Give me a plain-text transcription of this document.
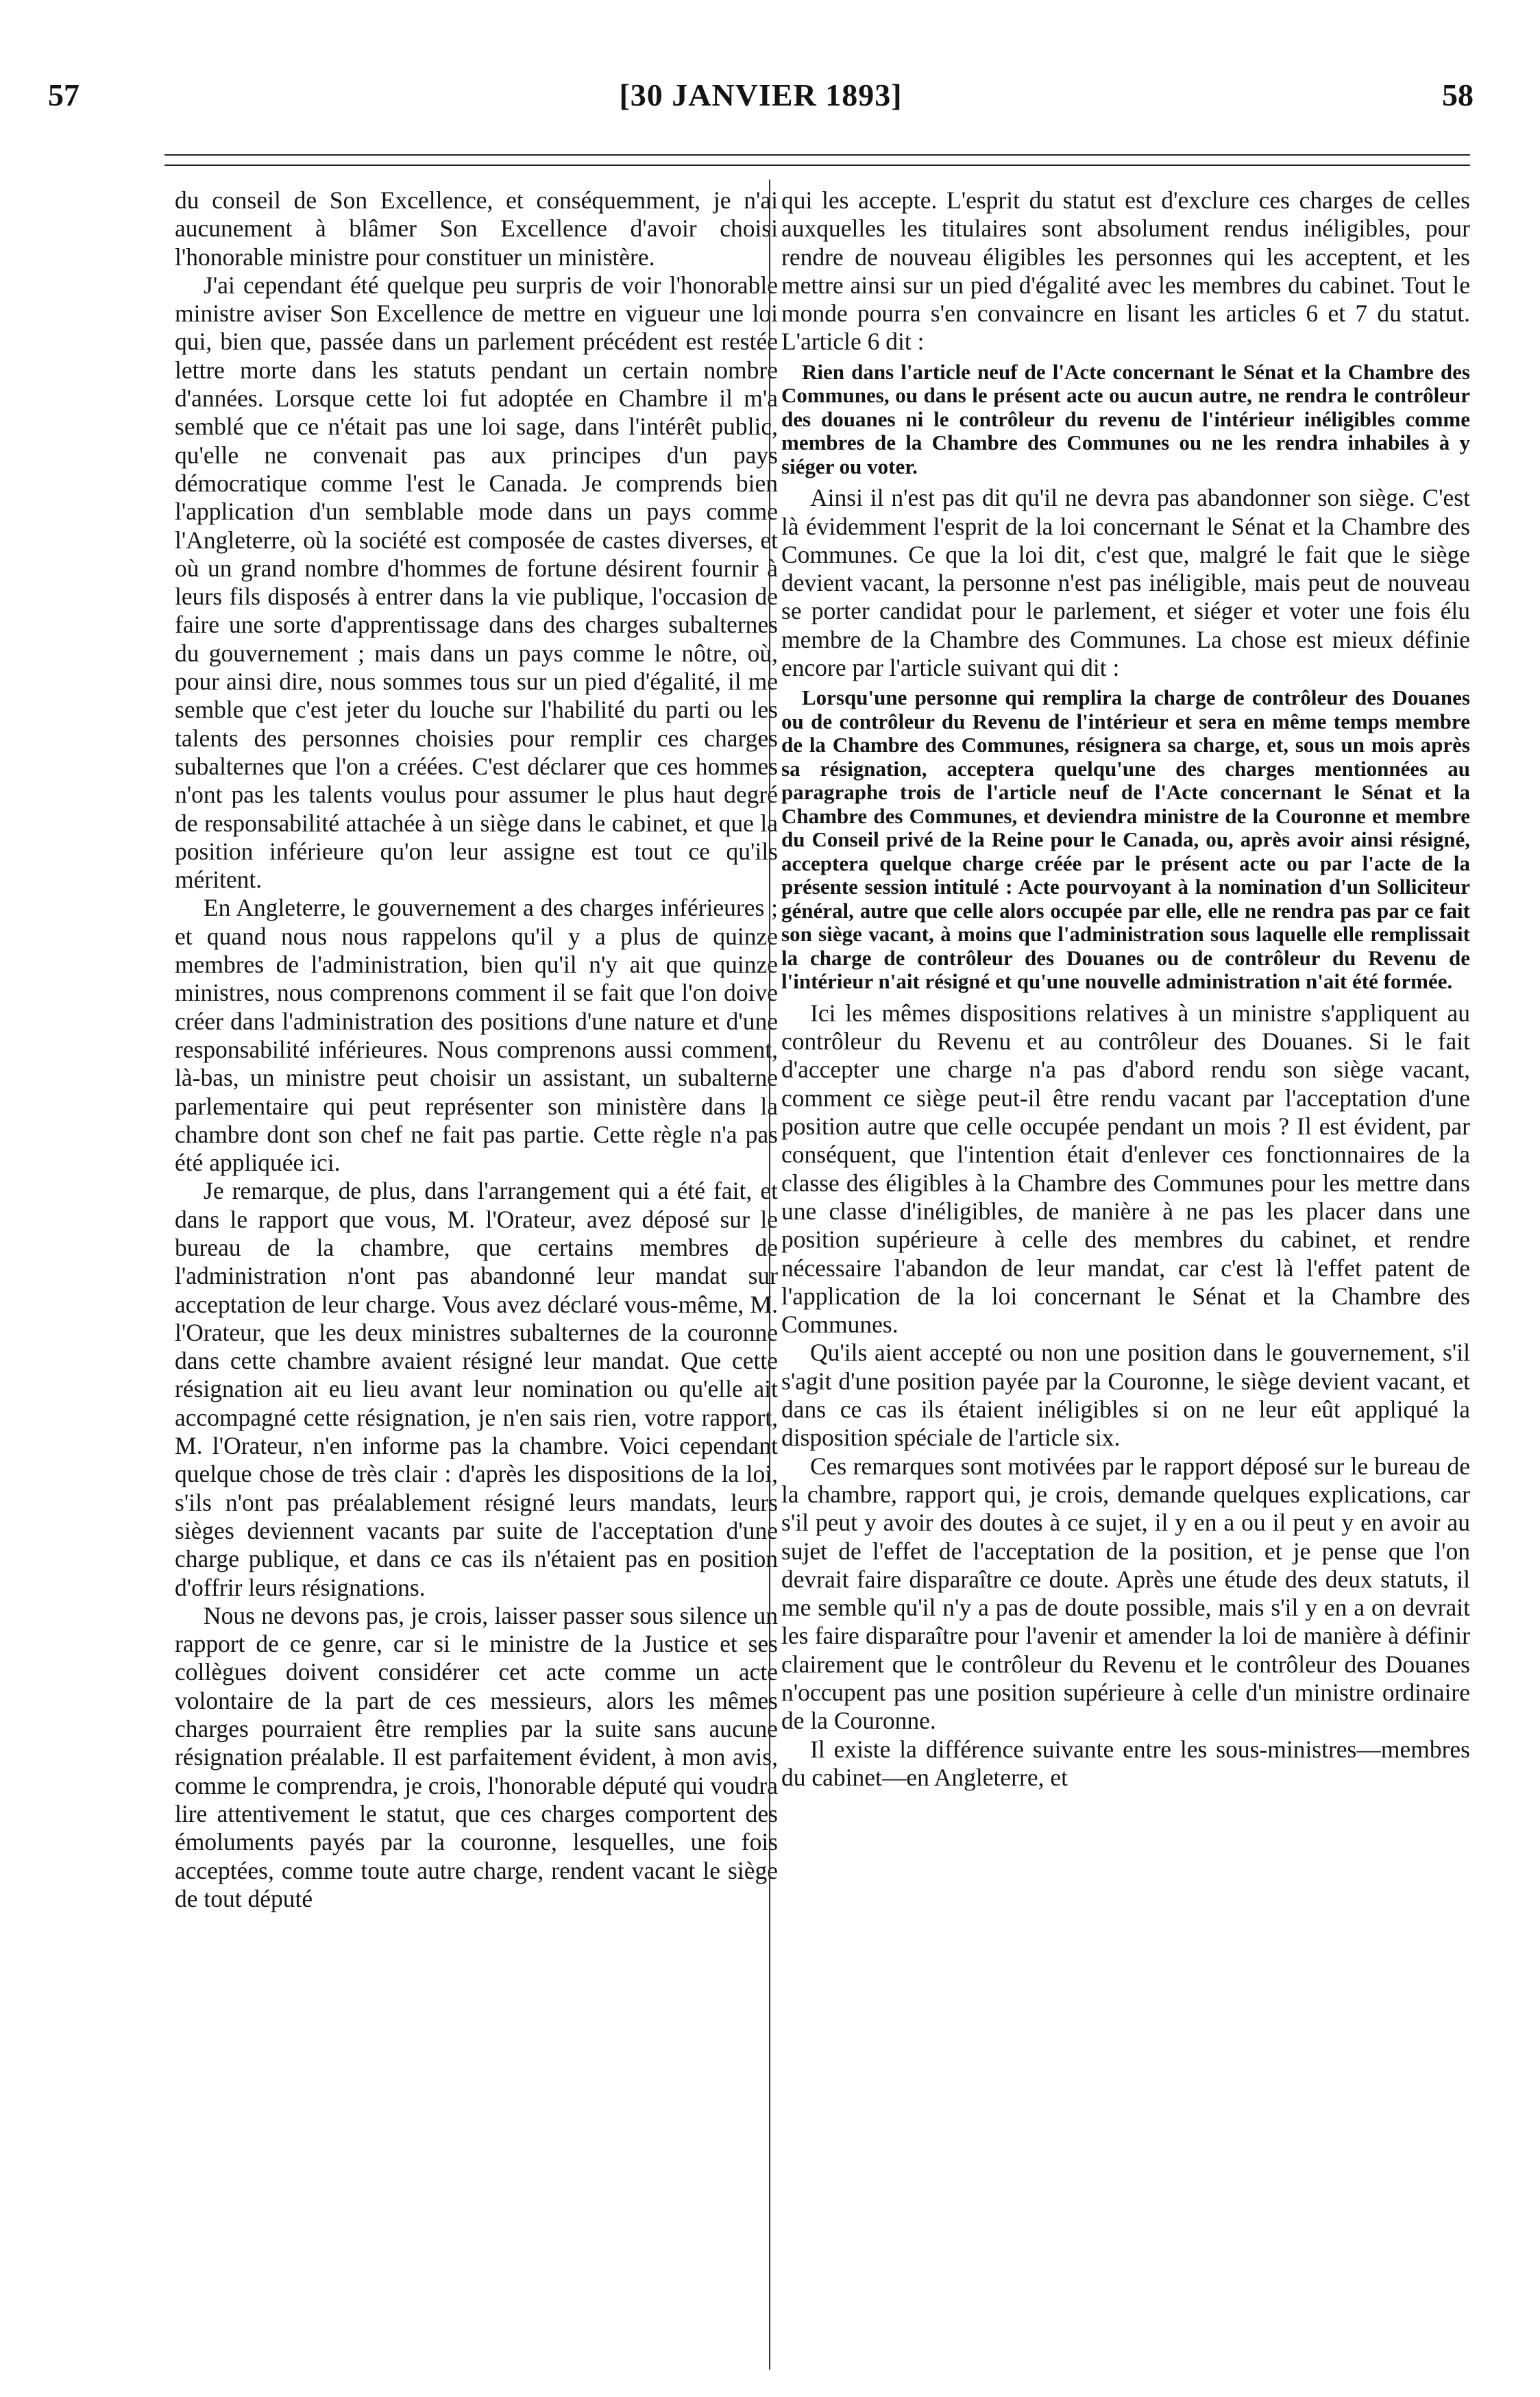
[30 JANVIER 1893]
57	58

du conseil de Son Excellence, et conséquemment, je n'ai aucunement à blâmer Son Excellence d'avoir choisi l'honorable ministre pour constituer un ministère.

J'ai cependant été quelque peu surpris de voir l'honorable ministre aviser Son Excellence de mettre en vigueur une loi qui, bien que, passée dans un parlement précédent est restée lettre morte dans les statuts pendant un certain nombre d'années. Lorsque cette loi fut adoptée en Chambre il m'a semblé que ce n'était pas une loi sage, dans l'intérêt public, qu'elle ne convenait pas aux principes d'un pays démocratique comme l'est le Canada. Je comprends bien l'application d'un semblable mode dans un pays comme l'Angleterre, où la société est composée de castes diverses, et où un grand nombre d'hommes de fortune désirent fournir à leurs fils disposés à entrer dans la vie publique, l'occasion de faire une sorte d'apprentissage dans des charges subalternes du gouvernement ; mais dans un pays comme le nôtre, où, pour ainsi dire, nous sommes tous sur un pied d'égalité, il me semble que c'est jeter du louche sur l'habilité du parti ou les talents des personnes choisies pour remplir ces charges subalternes que l'on a créées. C'est déclarer que ces hommes n'ont pas les talents voulus pour assumer le plus haut degré de responsabilité attachée à un siège dans le cabinet, et que la position inférieure qu'on leur assigne est tout ce qu'ils méritent.

En Angleterre, le gouvernement a des charges inférieures ; et quand nous nous rappelons qu'il y a plus de quinze membres de l'administration, bien qu'il n'y ait que quinze ministres, nous comprenons comment il se fait que l'on doive créer dans l'administration des positions d'une nature et d'une responsabilité inférieures. Nous comprenons aussi comment, là-bas, un ministre peut choisir un assistant, un subalterne parlementaire qui peut représenter son ministère dans la chambre dont son chef ne fait pas partie. Cette règle n'a pas été appliquée ici.

Je remarque, de plus, dans l'arrangement qui a été fait, et dans le rapport que vous, M. l'Orateur, avez déposé sur le bureau de la chambre, que certains membres de l'administration n'ont pas abandonné leur mandat sur acceptation de leur charge. Vous avez déclaré vous-même, M. l'Orateur, que les deux ministres subalternes de la couronne dans cette chambre avaient résigné leur mandat. Que cette résignation ait eu lieu avant leur nomination ou qu'elle ait accompagné cette résignation, je n'en sais rien, votre rapport, M. l'Orateur, n'en informe pas la chambre. Voici cependant quelque chose de très clair : d'après les dispositions de la loi, s'ils n'ont pas préalablement résigné leurs mandats, leurs sièges deviennent vacants par suite de l'acceptation d'une charge publique, et dans ce cas ils n'étaient pas en position d'offrir leurs résignations.

Nous ne devons pas, je crois, laisser passer sous silence un rapport de ce genre, car si le ministre de la Justice et ses collègues doivent considérer cet acte comme un acte volontaire de la part de ces messieurs, alors les mêmes charges pourraient être remplies par la suite sans aucune résignation préalable. Il est parfaitement évident, à mon avis, comme le comprendra, je crois, l'honorable député qui voudra lire attentivement le statut, que ces charges comportent des émoluments payés par la couronne, lesquelles, une fois acceptées, comme toute autre charge, rendent vacant le siège de tout député

qui les accepte. L'esprit du statut est d'exclure ces charges de celles auxquelles les titulaires sont absolument rendus inéligibles, pour rendre de nouveau éligibles les personnes qui les acceptent, et les mettre ainsi sur un pied d'égalité avec les membres du cabinet. Tout le monde pourra s'en convaincre en lisant les articles 6 et 7 du statut. L'article 6 dit :

Rien dans l'article neuf de l'Acte concernant le Sénat et la Chambre des Communes, ou dans le présent acte ou aucun autre, ne rendra le contrôleur des douanes ni le contrôleur du revenu de l'intérieur inéligibles comme membres de la Chambre des Communes ou ne les rendra inhabiles à y siéger ou voter.

Ainsi il n'est pas dit qu'il ne devra pas abandonner son siège. C'est là évidemment l'esprit de la loi concernant le Sénat et la Chambre des Communes. Ce que la loi dit, c'est que, malgré le fait que le siège devient vacant, la personne n'est pas inéligible, mais peut de nouveau se porter candidat pour le parlement, et siéger et voter une fois élu membre de la Chambre des Communes. La chose est mieux définie encore par l'article suivant qui dit :

Lorsqu'une personne qui remplira la charge de contrôleur des Douanes ou de contrôleur du Revenu de l'intérieur et sera en même temps membre de la Chambre des Communes, résignera sa charge, et, sous un mois après sa résignation, acceptera quelqu'une des charges mentionnées au paragraphe trois de l'article neuf de l'Acte concernant le Sénat et la Chambre des Communes, et deviendra ministre de la Couronne et membre du Conseil privé de la Reine pour le Canada, ou, après avoir ainsi résigné, acceptera quelque charge créée par le présent acte ou par l'acte de la présente session intitulé : Acte pourvoyant à la nomination d'un Solliciteur général, autre que celle alors occupée par elle, elle ne rendra pas par ce fait son siège vacant, à moins que l'administration sous laquelle elle remplissait la charge de contrôleur des Douanes ou de contrôleur du Revenu de l'intérieur n'ait résigné et qu'une nouvelle administration n'ait été formée.

Ici les mêmes dispositions relatives à un ministre s'appliquent au contrôleur du Revenu et au contrôleur des Douanes. Si le fait d'accepter une charge n'a pas d'abord rendu son siège vacant, comment ce siège peut-il être rendu vacant par l'acceptation d'une position autre que celle occupée pendant un mois ? Il est évident, par conséquent, que l'intention était d'enlever ces fonctionnaires de la classe des éligibles à la Chambre des Communes pour les mettre dans une classe d'inéligibles, de manière à ne pas les placer dans une position supérieure à celle des membres du cabinet, et rendre nécessaire l'abandon de leur mandat, car c'est là l'effet patent de l'application de la loi concernant le Sénat et la Chambre des Communes.

Qu'ils aient accepté ou non une position dans le gouvernement, s'il s'agit d'une position payée par la Couronne, le siège devient vacant, et dans ce cas ils étaient inéligibles si on ne leur eût appliqué la disposition spéciale de l'article six.

Ces remarques sont motivées par le rapport déposé sur le bureau de la chambre, rapport qui, je crois, demande quelques explications, car s'il peut y avoir des doutes à ce sujet, il y en a ou il peut y en avoir au sujet de l'effet de l'acceptation de la position, et je pense que l'on devrait faire disparaître ce doute. Après une étude des deux statuts, il me semble qu'il n'y a pas de doute possible, mais s'il y en a on devrait les faire disparaître pour l'avenir et amender la loi de manière à définir clairement que le contrôleur du Revenu et le contrôleur des Douanes n'occupent pas une position supérieure à celle d'un ministre ordinaire de la Couronne.

Il existe la différence suivante entre les sous-ministres—membres du cabinet—en Angleterre, et
